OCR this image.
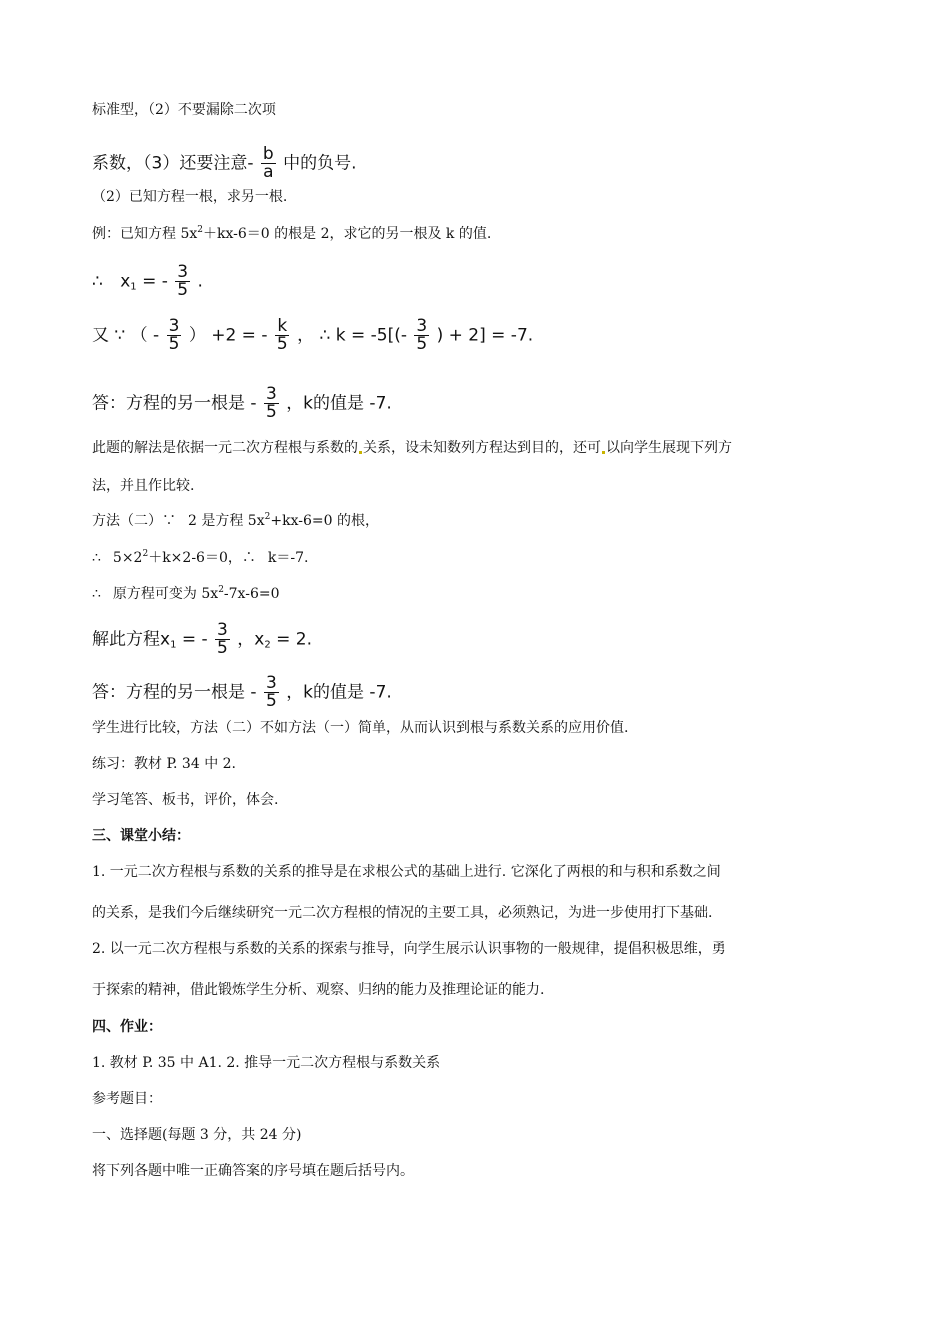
标准型，（2）不要漏除二次项
系数，（3）还要注意- $\frac{b}{a}$ 中的负号.
（2）已知方程一根，求另一根.
例：已知方程 $5x^2+kx-6=0$ 的根是 2，求它的另一根及 k 的值.
∴ $x_1$ = - $\frac{3}{5}$ .
又 ∵ （ - $\frac{3}{5}$ ） +2 = - $\frac{k}{5}$ ， ∴ $k = -5[(- \frac{3}{5}$ ) + 2] = -7.
答：方程的另一根是 - $\frac{3}{5}$ ，k的值是 -7.
此题的解法是依据一元二次方程根与系数的 关系，设未知数列方程达到目的，还可 以向学生展现下列方
法，并且作比较.
方法（二）∵ 2 是方程 $5x^2+kx-6=0$ 的根，
∴ $5\times 2^2+k\times 2-6=0$，∴ k＝-7.
∴ 原方程可变为 $5x^2-7x-6=0$
解此方程$x_1$ = - $\frac{3}{5}$ ，$x_2 = 2$.
答：方程的另一根是 - $\frac{3}{5}$ ，k的值是 -7.
学生进行比较，方法（二）不如方法（一）简单，从而认识到根与系数关系的应用价值.
练习：教材 P. 34 中 2.
学习笔答、板书，评价，体会.
三、课堂小结：
1. 一元二次方程根与系数的关系的推导是在求根公式的基础上进行. 它深化了两根的和与积和系数之间
的关系，是我们今后继续研究一元二次方程根的情况的主要工具，必须熟记，为进一步使用打下基础.
2. 以一元二次方程根与系数的关系的探索与推导，向学生展示认识事物的一般规律，提倡积极思维，勇
于探索的精神，借此锻炼学生分析、观察、归纳的能力及推理论证的能力.
四、作业：
1. 教材 P. 35 中 A1. 2. 推导一元二次方程根与系数关系
参考题目：
一、选择题(每题 3 分，共 24 分)
将下列各题中唯一正确答案的序号填在题后括号内。
